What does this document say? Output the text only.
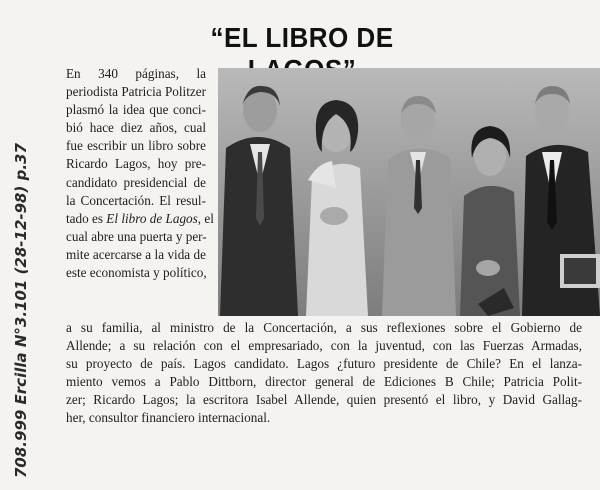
708.999 Ercilla N°3.101 (28-12-98) p.37
“EL LIBRO DE
En 340 páginas, la
periodista Patricia Politzer
plasmó la idea que conci-
bió hace diez años, cual
fue escribir un libro sobre
Ricardo Lagos, hoy pre-
candidato presidencial de
la Concertación. El resul-
tado es El libro de Lagos, el
cual abre una puerta y per-
mite acercarse a la vida de
este economista y político,
a su familia, al ministro de la Concertación, a sus reflexiones sobre el Gobierno de
Allende; a su relación con el empresariado, con la juventud, con las Fuerzas Armadas,
su proyecto de país. Lagos candidato. Lagos ¿futuro presidente de Chile? En el lanza-
miento vemos a Pablo Dittborn, director general de Ediciones B Chile; Patricia Polit-
zer; Ricardo Lagos; la escritora Isabel Allende, quien presentó el libro, y David Gallag-
her, consultor financiero internacional.
